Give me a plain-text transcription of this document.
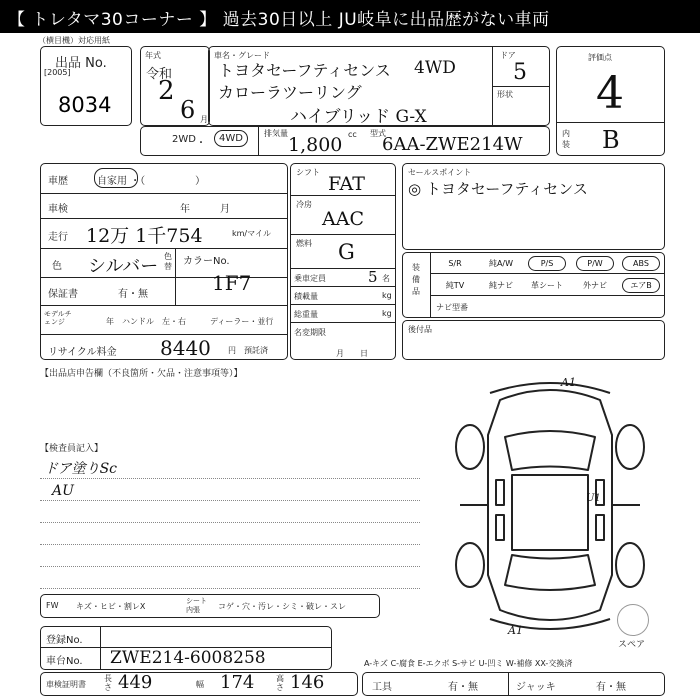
【 トレタマ30コーナー 】 過去30日以上 JU岐阜に出品歴がない車両
（横目機）対応用紙
出品 No.
[2005]
8034
年式
令和
2
6 月
車名・グレード
トヨタセーフティセンス 4WD
カローラツーリング
ハイブリッド G-X
ドア
5
形状
評価点
4
内装 B
2WD ・	4WD	排気量
1,800 cc 型式
6AA-ZWE214W
車歴	自家用 ・（　　　　　）
車検	年　　　月
走行 12万 1千754	km/マイル
色 シルバー 色替 カラーNo.
1F7
保証書	有・無
モデルチェンジ	年 ハンドル 左・右	ディーラー・並行
リサイクル料金 8440 円 預託済
シフト
FAT
冷房
AAC
燃料 G
乗車定員	5 名
積載量	kg
総重量	kg
名変期限
月　　日
セールスポイント
◎ トヨタセーフティセンス
装備品
ナビ型番
後付品
【出品店申告欄（不良箇所・欠品・注意事項等）】
【検査員記入】
ドア塗りSc
AU
A1
U1
A1
スペア
FW キズ・ヒビ・割レX
シート内張	コゲ・穴・汚レ・シミ・破レ・スレ
登録No.
車台No. ZWE214-6008258	A-キズ C-腐食 E-エクボ S-サビ U-凹ミ W-補修 XX-交換済
車検証明書
長さ 449	幅 174	高さ 146	工具	有・無	ジャッキ	有・無
S/R	純A/W	P/S	P/W	ABS
純TV	純ナビ	革シート	外ナビ	エアB
